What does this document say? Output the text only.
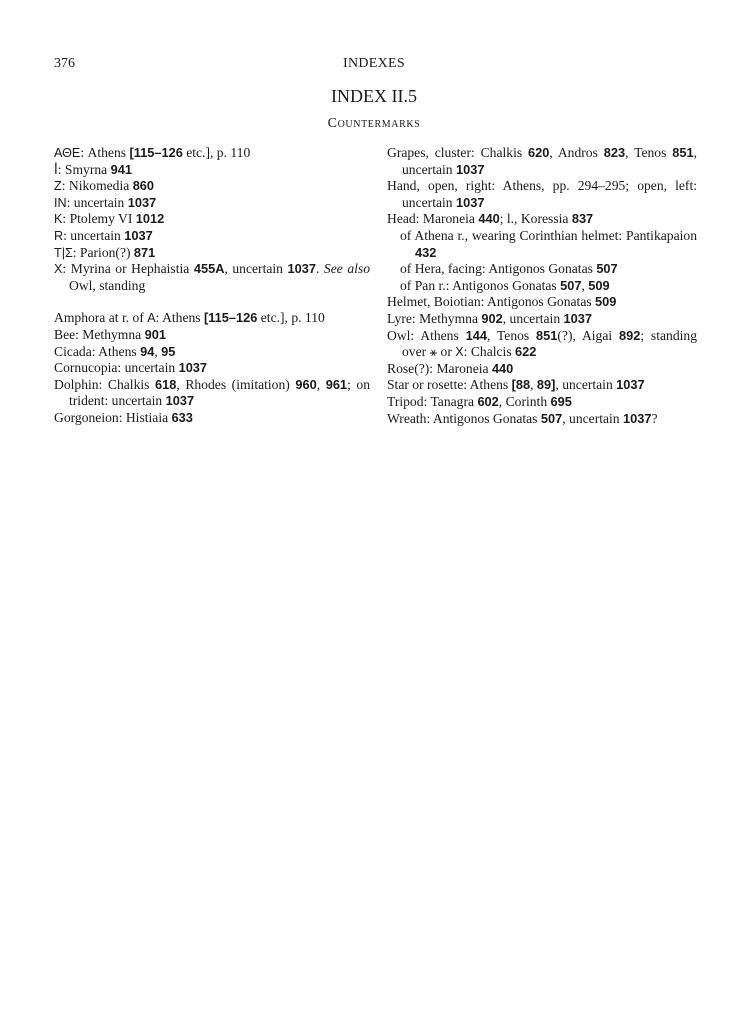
376	INDEXES
INDEX II.5
Countermarks
ΑΘΕ: Athens [115–126 etc.], p. 110
ꟾ: Smyrna 941
Z: Nikomedia 860
IN: uncertain 1037
K: Ptolemy VI 1012
R: uncertain 1037
T|Σ: Parion(?) 871
X: Myrina or Hephaistia 455A, uncertain 1037. See also Owl, standing
Amphora at r. of A: Athens [115–126 etc.], p. 110
Bee: Methymna 901
Cicada: Athens 94, 95
Cornucopia: uncertain 1037
Dolphin: Chalkis 618, Rhodes (imitation) 960, 961; on trident: uncertain 1037
Gorgoneion: Histiaia 633
Grapes, cluster: Chalkis 620, Andros 823, Tenos 851, uncertain 1037
Hand, open, right: Athens, pp. 294–295; open, left: uncertain 1037
Head: Maroneia 440; l., Koressia 837
of Athena r., wearing Corinthian helmet: Pantikapaion 432
of Hera, facing: Antigonos Gonatas 507
of Pan r.: Antigonos Gonatas 507, 509
Helmet, Boiotian: Antigonos Gonatas 509
Lyre: Methymna 902, uncertain 1037
Owl: Athens 144, Tenos 851(?), Aigai 892; standing over ⚹ or X: Chalcis 622
Rose(?): Maroneia 440
Star or rosette: Athens [88, 89], uncertain 1037
Tripod: Tanagra 602, Corinth 695
Wreath: Antigonos Gonatas 507, uncertain 1037?
